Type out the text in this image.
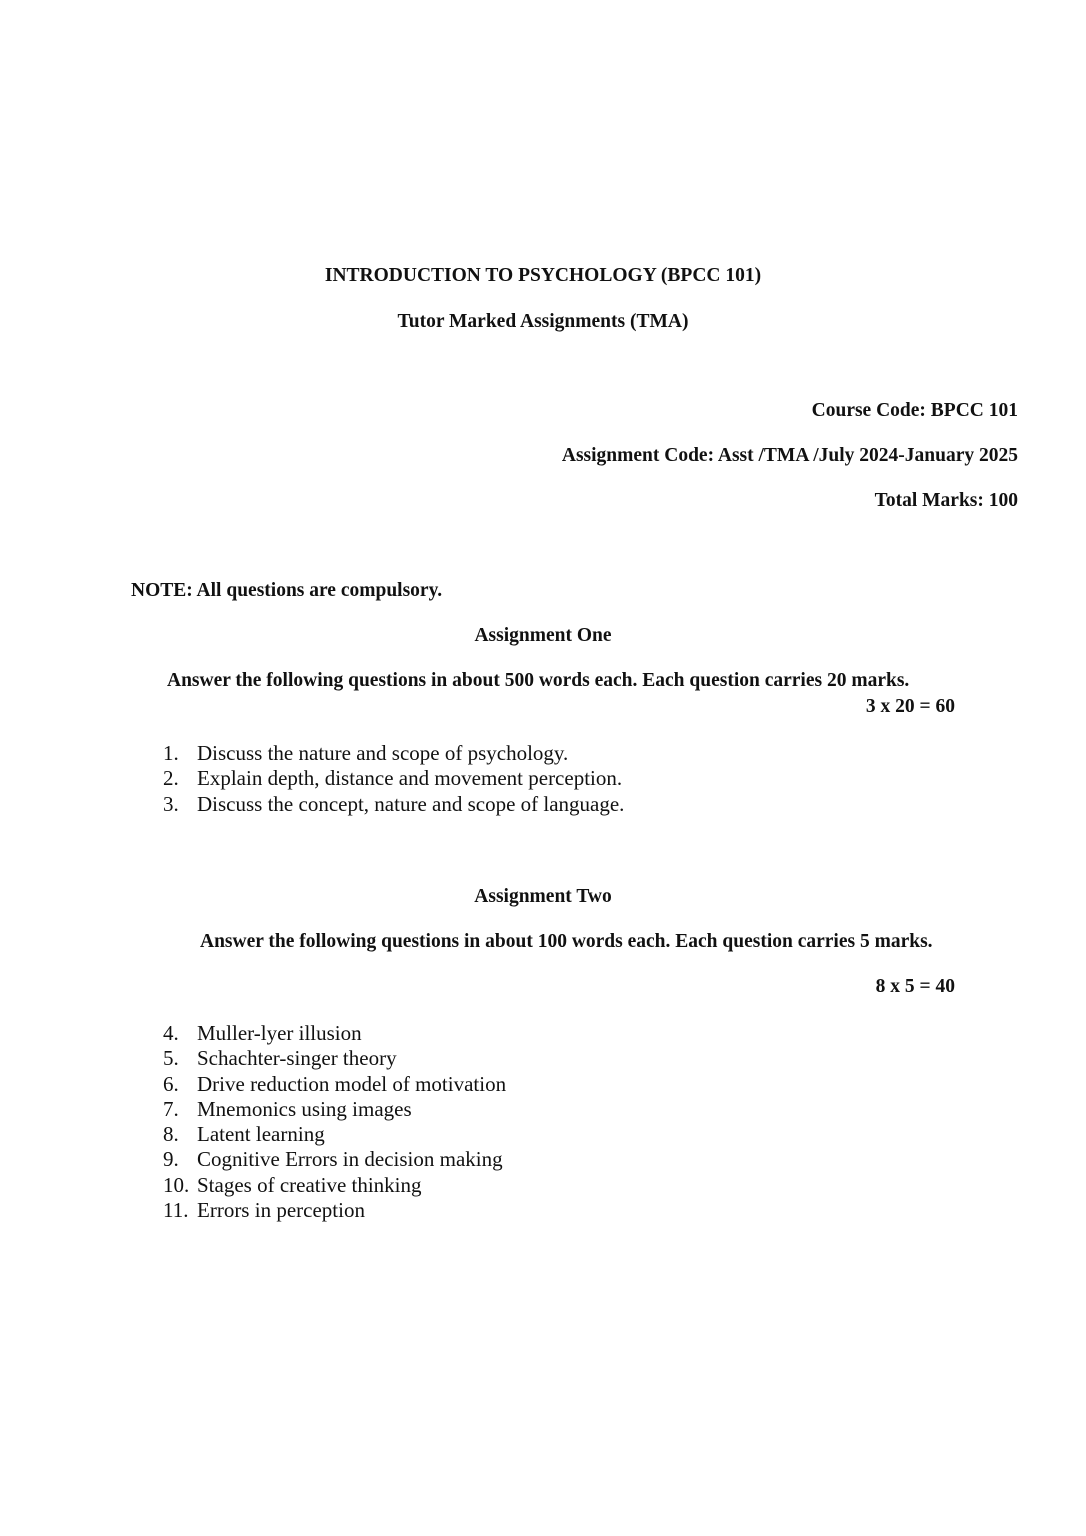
INTRODUCTION TO PSYCHOLOGY (BPCC 101)
Tutor Marked Assignments (TMA)
Course Code: BPCC 101
Assignment Code: Asst /TMA /July 2024-January 2025
Total Marks: 100
NOTE: All questions are compulsory.
Assignment One
Answer the following questions in about 500 words each. Each question carries 20 marks.
3 x 20 = 60
1. Discuss the nature and scope of psychology.
2. Explain depth, distance and movement perception.
3. Discuss the concept, nature and scope of language.
Assignment Two
Answer the following questions in about 100 words each. Each question carries 5 marks.
8 x 5 = 40
4. Muller-lyer illusion
5. Schachter-singer theory
6. Drive reduction model of motivation
7. Mnemonics using images
8. Latent learning
9. Cognitive Errors in decision making
10. Stages of creative thinking
11. Errors in perception
